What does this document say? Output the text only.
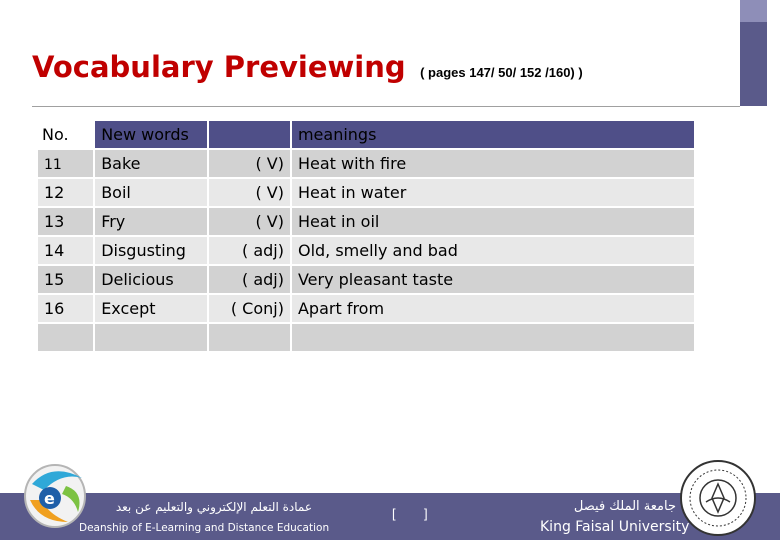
Vocabulary Previewing ( pages 147/ 50/ 152 /160) )
No.	New words		meanings
11	Bake	( V)	Heat with fire
12	Boil	( V)	Heat in water
13	Fry	( V)	Heat in oil
14	Disgusting	( adj)	Old, smelly and bad
15	Delicious	( adj)	Very pleasant taste
16	Except	( Conj)	Apart from

e	عمادة التعلم الإلكتروني والتعليم عن بعد
Deanship of E-Learning and Distance Education
[ ]	جامعة الملك فيصل
King Faisal University
